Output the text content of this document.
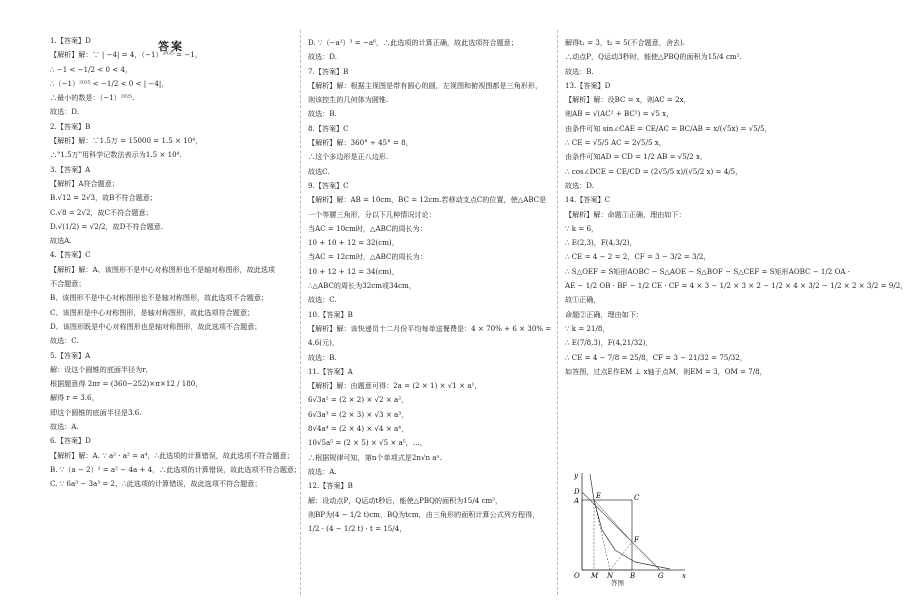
答案

1.【答案】D

【解析】解：∵ | −4| = 4，（−1）²⁰²⁵ = −1，

∴ −1 < −1/2 < 0 < 4，

∴（−1）²⁰²⁵ < −1/2 < 0 < | −4|，

∴最小的数是：（−1）²⁰²⁵.

故选：D.

2.【答案】B

【解析】解：∵1.5万 = 15000 = 1.5 × 10⁴，

∴"1.5万"用科学记数法表示为1.5 × 10⁴.

3.【答案】A

【解析】A符合题意；

B.√12 = 2√3，故B不符合题意；

C.√8 = 2√2，故C不符合题意；

D.√(1/2) = √2/2，故D不符合题意.

故选A.

4.【答案】C

【解析】解：A、该图形不是中心对称图形也不是轴对称图形，故此选项

不合题意；

B、该图形不是中心对称图形也不是轴对称图形，故此选项不合题意；

C、该图形是中心对称图形，是轴对称图形，故此选项符合题意；

D、该图形既是中心对称图形也是轴对称图形，故此选项不合题意；

故选：C.

5.【答案】A

解：设这个圆锥的底面半径为r，

根据题意得 2πr = (360−252)×π×12 / 180，

解得 r = 3.6，

即这个圆锥的底面半径是3.6.

故选：A.

6.【答案】D

【解析】解：A. ∵ a² · a² = a⁴，∴此选项的计算错误，故此选项不符合题意；

B. ∵（a − 2）² = a² − 4a + 4，∴此选项的计算错误，故此选项不符合题意；

C. ∵ 6a³ − 3a³ = 2，∴此选项的计算错误，故此选项不符合题意；

D. ∵（−a²）³ = −a⁶，∴此选项的计算正确，故此选项符合题意；

故选：D.

7.【答案】B

【解析】解：根据主视图是带有圆心的圆，左视图和俯视图都是三角形形，

则该控生的几何体为圆锥.

故选：B.

8.【答案】C

【解析】解：360° ÷ 45° = 8，

∴这个多边形是正八边形.

故选C.

9.【答案】C

【解析】解：AB = 10cm，BC = 12cm.若移动支点C的位置，使△ABC是

一个等腰三角形，分以下几种情况讨论：

当AC = 10cm时，△ABC的周长为：

10 + 10 + 12 = 32(cm)，

当AC = 12cm时，△ABC的周长为：

10 + 12 + 12 = 34(cm)，

∴△ABC的周长为32cm或34cm，

故选：C.

10.【答案】B

【解析】解：该快递员十二月份平均每单送餐费是：4 × 70% + 6 × 30% =

4.6(元)，

故选：B.

11.【答案】A

【解析】解：由题意可得：2a = (2 × 1) × √1 × a¹，

6√3a² = (2 × 2) × √2 × a²，

6√3a³ = (2 × 3) × √3 × a³，

8√4a⁴ = (2 × 4) × √4 × a⁴，

10√5a⁵ = (2 × 5) × √5 × a⁵，…，

∴根据规律可知，第n个单项式是2n√n aⁿ.

故选：A.

12.【答案】B

解：设动点P，Q运动t秒后，能使△PBQ的面积为15/4 cm²，

则BP为(4 − 1/2 t)cm，BQ为tcm，由三角形的面积计算公式列方程得，

1/2 · (4 − 1/2 t) · t = 15/4，

解得t₁ = 3，t₂ = 5(不合题意，舍去).

∴动点P，Q运动3秒时，能使△PBQ的面积为15/4 cm².

故选：B.

13.【答案】D

【解析】解：设BC = x，则AC = 2x，

则AB = √(AC² + BC²) = √5 x，

由条件可知 sin∠CAE = CE/AC = BC/AB = x/(√5x) = √5/5，

∴ CE = √5/5 AC = 2√5/5 x，

由条件可知AD = CD = 1/2 AB = √5/2 x，

∴ cos∠DCE = CE/CD = (2√5/5 x)/(√5/2 x) = 4/5，

故选：D.

14.【答案】C

【解析】解：命题①正确，理由如下：

∵ k = 6，

∴ E(2,3)，F(4,3/2)，

∴ CE = 4 − 2 = 2，CF = 3 − 3/2 = 3/2，

∴ S△OEF = S矩形AOBC − S△AOE − S△BOF − S△CEF = S矩形AOBC − 1/2 OA ·

AE − 1/2 OB · BF − 1/2 CE · CF = 4 × 3 − 1/2 × 3 × 2 − 1/2 × 4 × 3/2 − 1/2 × 2 × 3/2 = 9/2，

故①正确，

命题②正确，理由如下：

∵ k = 21/8，

∴ E(7/8,3)，F(4,21/32)，

∴ CE = 4 − 7/8 = 25/8，CF = 3 − 21/32 = 75/32，

如答图，过点E作EM ⊥ x轴于点M，则EM = 3，OM = 7/8，

y
D
A
E	C
F
O M N B	G	x
答图
